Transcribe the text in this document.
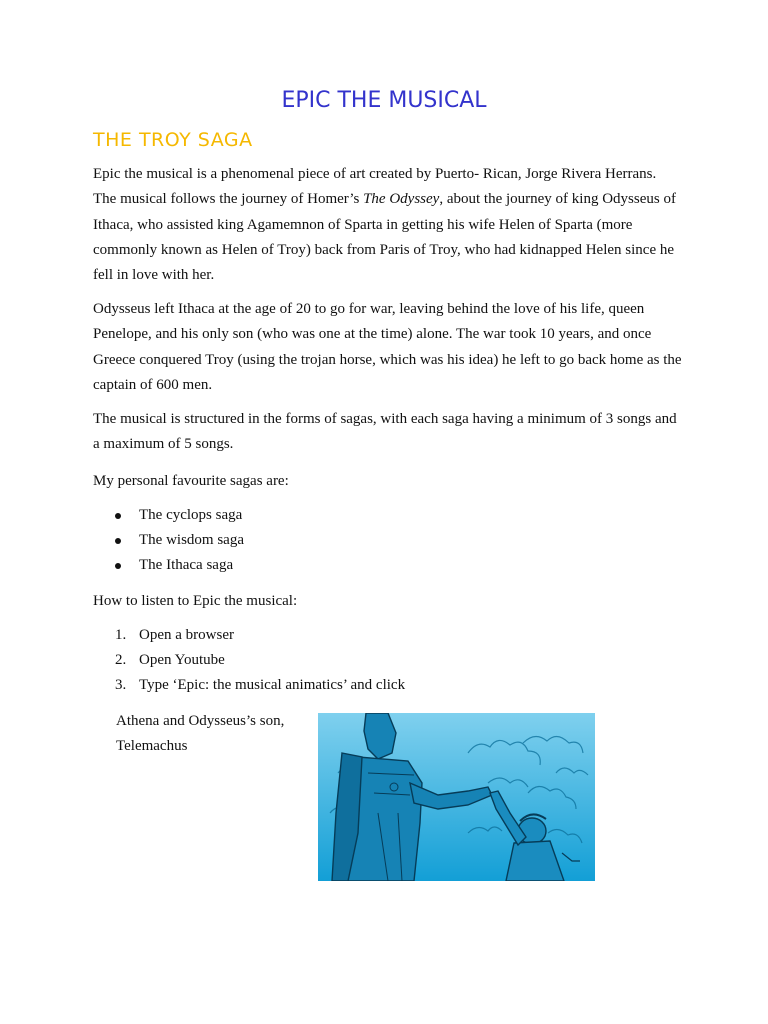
EPIC THE MUSICAL
THE TROY SAGA

Epic the musical is a phenomenal piece of art created by Puerto- Rican, Jorge Rivera Herrans. The musical follows the journey of Homer’s The Odyssey, about the journey of king Odysseus of Ithaca, who assisted king Agamemnon of Sparta in getting his wife Helen of Sparta (more commonly known as Helen of Troy) back from Paris of Troy, who had kidnapped Helen since he fell in love with her.

Odysseus left Ithaca at the age of 20 to go for war, leaving behind the love of his life, queen Penelope, and his only son (who was one at the time) alone. The war took 10 years, and once Greece conquered Troy (using the trojan horse, which was his idea) he left to go back home as the captain of 600 men.

The musical is structured in the forms of sagas, with each saga having a minimum of 3 songs and a maximum of 5 songs.

My personal favourite sagas are:

The cyclops saga
The wisdom saga
The Ithaca saga

How to listen to Epic the musical:

1. Open a browser
2. Open Youtube
3. Type ‘Epic: the musical animatics’ and click
Athena and Odysseus’s son, Telemachus
